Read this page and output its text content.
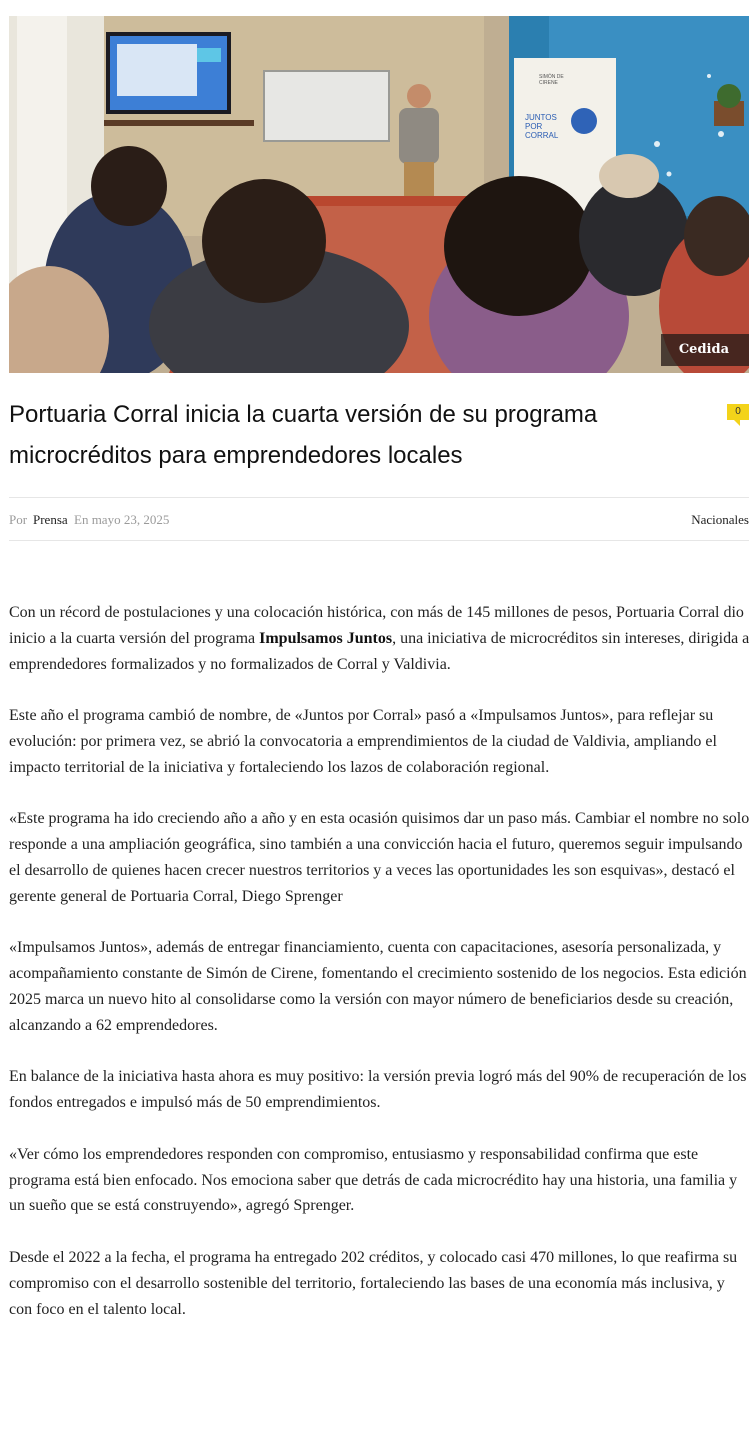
JUNTOS
POR
CORRAL
SIMÓN DE
CIRENE
Cedida
Portuaria Corral inicia la cuarta versión de su programa microcréditos para emprendedores locales
0
Por Prensa En mayo 23, 2025	Nacionales

Con un récord de postulaciones y una colocación histórica, con más de 145 millones de pesos, Portuaria Corral dio inicio a la cuarta versión del programa Impulsamos Juntos, una iniciativa de microcréditos sin intereses, dirigida a emprendedores formalizados y no formalizados de Corral y Valdivia.

Este año el programa cambió de nombre, de «Juntos por Corral» pasó a «Impulsamos Juntos», para reflejar su evolución: por primera vez, se abrió la convocatoria a emprendimientos de la ciudad de Valdivia, ampliando el impacto territorial de la iniciativa y fortaleciendo los lazos de colaboración regional.

«Este programa ha ido creciendo año a año y en esta ocasión quisimos dar un paso más. Cambiar el nombre no solo responde a una ampliación geográfica, sino también a una convicción hacia el futuro, queremos seguir impulsando el desarrollo de quienes hacen crecer nuestros territorios y a veces las oportunidades les son esquivas», destacó el gerente general de Portuaria Corral, Diego Sprenger

«Impulsamos Juntos», además de entregar financiamiento, cuenta con capacitaciones, asesoría personalizada, y acompañamiento constante de Simón de Cirene, fomentando el crecimiento sostenido de los negocios. Esta edición 2025 marca un nuevo hito al consolidarse como la versión con mayor número de beneficiarios desde su creación, alcanzando a 62 emprendedores.

En balance de la iniciativa hasta ahora es muy positivo: la versión previa logró más del 90% de recuperación de los fondos entregados e impulsó más de 50 emprendimientos.

«Ver cómo los emprendedores responden con compromiso, entusiasmo y responsabilidad confirma que este programa está bien enfocado. Nos emociona saber que detrás de cada microcrédito hay una historia, una familia y un sueño que se está construyendo», agregó Sprenger.

Desde el 2022 a la fecha, el programa ha entregado 202 créditos, y colocado casi 470 millones, lo que reafirma su compromiso con el desarrollo sostenible del territorio, fortaleciendo las bases de una economía más inclusiva, y con foco en el talento local.
